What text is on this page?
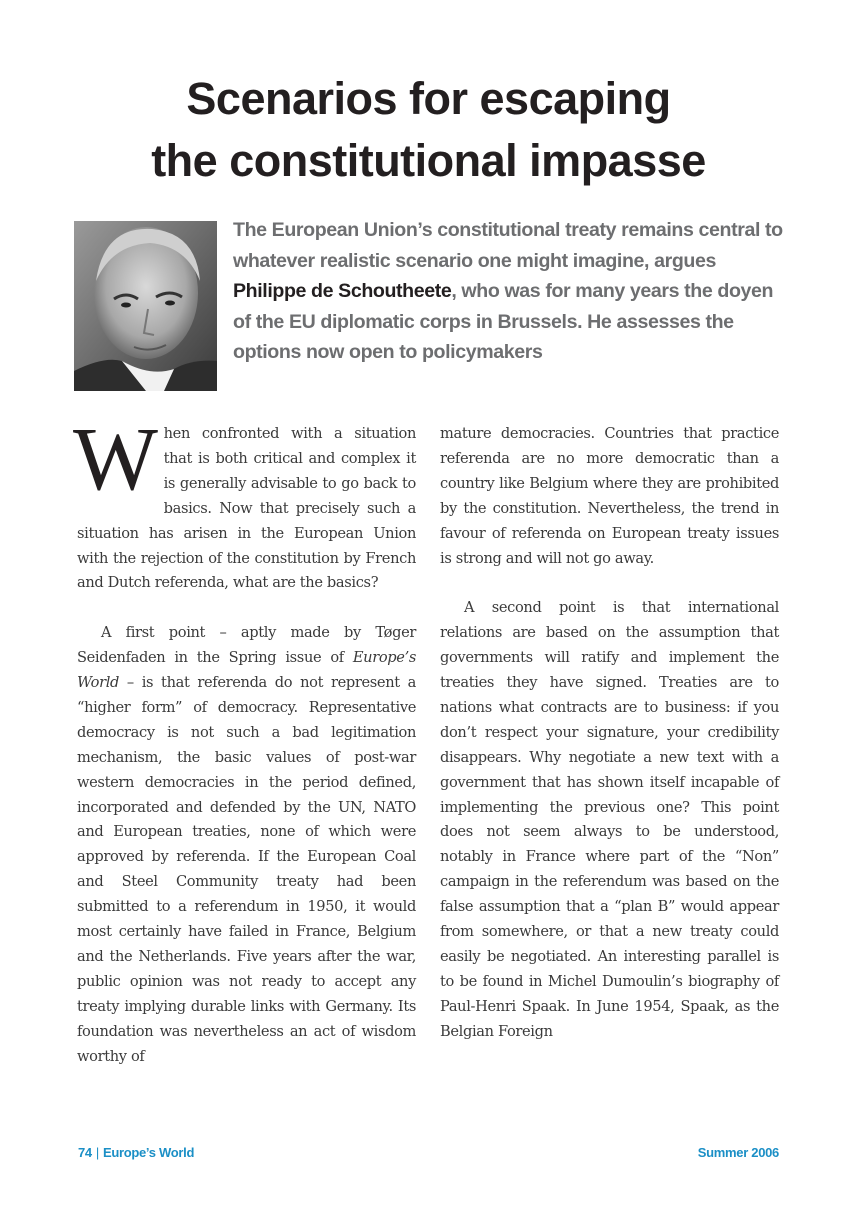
Scenarios for escaping
the constitutional impasse

The European Union’s constitutional treaty remains central to whatever realistic scenario one might imagine, argues Philippe de Schoutheete, who was for many years the doyen of the EU diplomatic corps in Brussels. He assesses the options now open to policymakers

When confronted with a situation that is both critical and complex it is generally advisable to go back to basics. Now that precisely such a situation has arisen in the European Union with the rejection of the constitution by French and Dutch referenda, what are the basics?

A first point – aptly made by Tøger Seidenfaden in the Spring issue of Europe’s World – is that referenda do not represent a “higher form” of democracy. Representative democracy is not such a bad legitimation mechanism, the basic values of post-war western democracies in the period defined, incorporated and defended by the UN, NATO and European treaties, none of which were approved by referenda. If the European Coal and Steel Community treaty had been submitted to a referendum in 1950, it would most certainly have failed in France, Belgium and the Netherlands. Five years after the war, public opinion was not ready to accept any treaty implying durable links with Germany. Its foundation was nevertheless an act of wisdom worthy of

mature democracies. Countries that practice referenda are no more democratic than a country like Belgium where they are prohibited by the constitution. Nevertheless, the trend in favour of referenda on European treaty issues is strong and will not go away.

A second point is that international relations are based on the assumption that governments will ratify and implement the treaties they have signed. Treaties are to nations what contracts are to business: if you don’t respect your signature, your credibility disappears. Why negotiate a new text with a government that has shown itself incapable of implementing the previous one? This point does not seem always to be understood, notably in France where part of the “Non” campaign in the referendum was based on the false assumption that a “plan B” would appear from somewhere, or that a new treaty could easily be negotiated. An interesting parallel is to be found in Michel Dumoulin’s biography of Paul-Henri Spaak. In June 1954, Spaak, as the Belgian Foreign

74 | Europe’s World	Summer 2006
